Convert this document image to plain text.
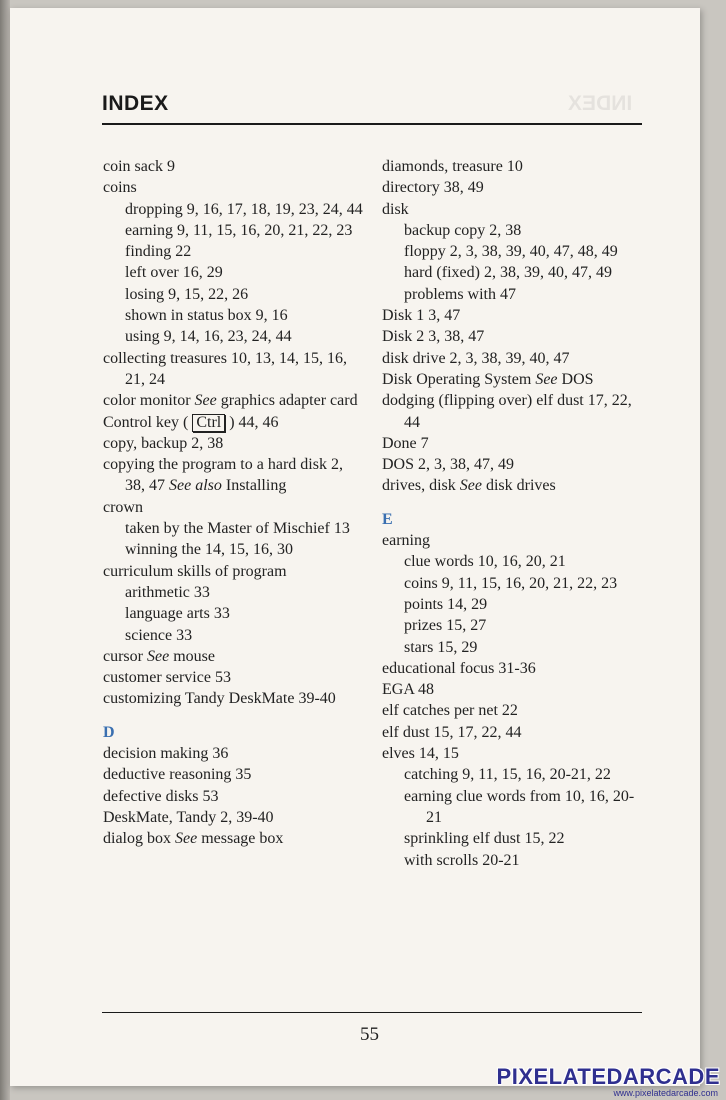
INDEX
INDEX
coin sack 9
coins
dropping 9, 16, 17, 18, 19, 23, 24, 44
earning 9, 11, 15, 16, 20, 21, 22, 23
finding 22
left over 16, 29
losing 9, 15, 22, 26
shown in status box 9, 16
using 9, 14, 16, 23, 24, 44
collecting treasures 10, 13, 14, 15, 16, 21, 24
color monitor See graphics adapter card
Control key ( Ctrl ) 44, 46
copy, backup 2, 38
copying the program to a hard disk 2, 38, 47 See also Installing
crown
taken by the Master of Mischief 13
winning the 14, 15, 16, 30
curriculum skills of program
arithmetic 33
language arts 33
science 33
cursor See mouse
customer service 53
customizing Tandy DeskMate 39-40
D
decision making 36
deductive reasoning 35
defective disks 53
DeskMate, Tandy 2, 39-40
dialog box See message box
diamonds, treasure 10
directory 38, 49
disk
backup copy 2, 38
floppy 2, 3, 38, 39, 40, 47, 48, 49
hard (fixed) 2, 38, 39, 40, 47, 49
problems with 47
Disk 1 3, 47
Disk 2 3, 38, 47
disk drive 2, 3, 38, 39, 40, 47
Disk Operating System See DOS
dodging (flipping over) elf dust 17, 22, 44
Done 7
DOS 2, 3, 38, 47, 49
drives, disk See disk drives
E
earning
clue words 10, 16, 20, 21
coins 9, 11, 15, 16, 20, 21, 22, 23
points 14, 29
prizes 15, 27
stars 15, 29
educational focus 31-36
EGA 48
elf catches per net 22
elf dust 15, 17, 22, 44
elves 14, 15
catching 9, 11, 15, 16, 20-21, 22
earning clue words from 10, 16, 20-21
sprinkling elf dust 15, 22
with scrolls 20-21
55
PIXELATEDARCADE
www.pixelatedarcade.com
